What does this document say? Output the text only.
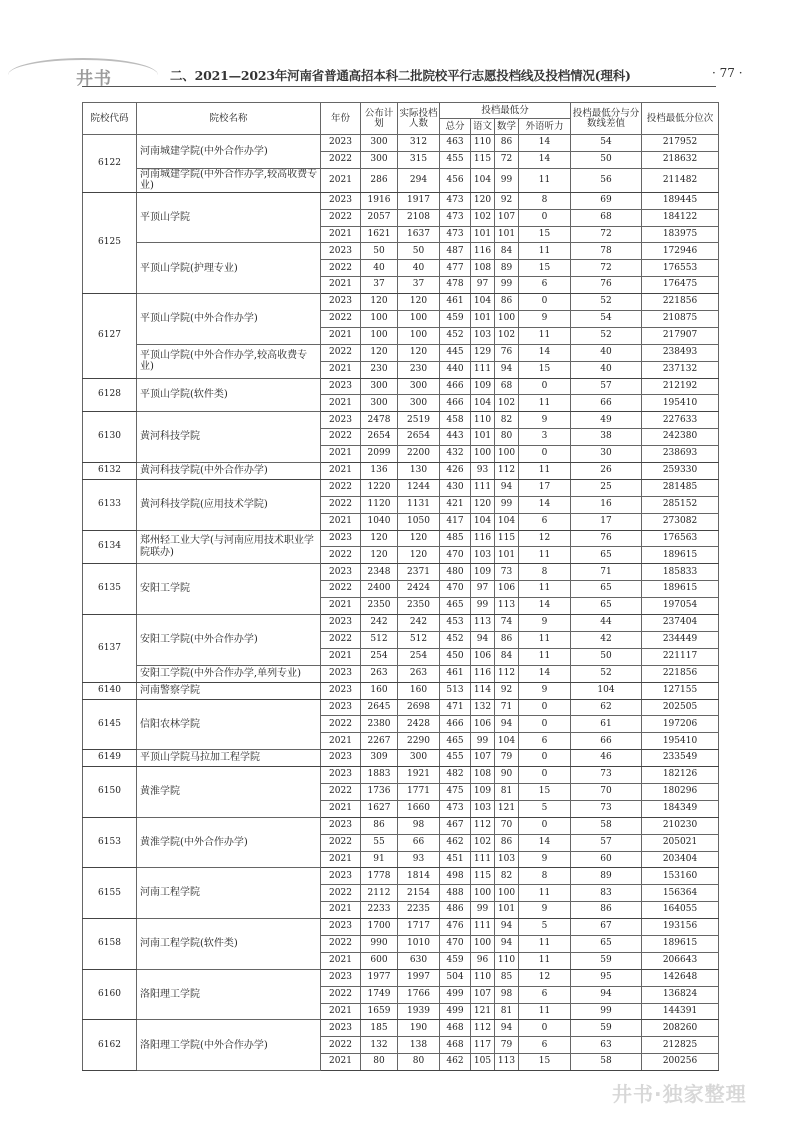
井书	二、2021—2023年河南省普通高招本科二批院校平行志愿投档线及投档情况(理科)	· 77 ·
院校代码	院校名称	年份	公布计划	实际投档人数	投档最低分				投档最低分与分数线差值	投档最低分位次
					总分	语文	数学	外语听力		
6122	河南城建学院(中外合作办学)	2023	300	312	463	110	86	14	54	217952
		2022	300	315	455	115	72	14	50	218632
	河南城建学院(中外合作办学,较高收费专业)	2021	286	294	456	104	99	11	56	211482
6125	平顶山学院	2023	1916	1917	473	120	92	8	69	189445
		2022	2057	2108	473	102	107	0	68	184122
		2021	1621	1637	473	101	101	15	72	183975
	平顶山学院(护理专业)	2023	50	50	487	116	84	11	78	172946
		2022	40	40	477	108	89	15	72	176553
		2021	37	37	478	97	99	6	76	176475
6127	平顶山学院(中外合作办学)	2023	120	120	461	104	86	0	52	221856
		2022	100	100	459	101	100	9	54	210875
		2021	100	100	452	103	102	11	52	217907
	平顶山学院(中外合作办学,较高收费专业)	2022	120	120	445	129	76	14	40	238493
		2021	230	230	440	111	94	15	40	237132
6128	平顶山学院(软件类)	2023	300	300	466	109	68	0	57	212192
		2021	300	300	466	104	102	11	66	195410
6130	黄河科技学院	2023	2478	2519	458	110	82	9	49	227633
		2022	2654	2654	443	101	80	3	38	242380
		2021	2099	2200	432	100	100	0	30	238693
6132	黄河科技学院(中外合作办学)	2021	136	130	426	93	112	11	26	259330
6133	黄河科技学院(应用技术学院)	2022	1220	1244	430	111	94	17	25	281485
		2022	1120	1131	421	120	99	14	16	285152
		2021	1040	1050	417	104	104	6	17	273082
6134	郑州轻工业大学(与河南应用技术职业学院联办)	2023	120	120	485	116	115	12	76	176563
		2022	120	120	470	103	101	11	65	189615
6135	安阳工学院	2023	2348	2371	480	109	73	8	71	185833
		2022	2400	2424	470	97	106	11	65	189615
		2021	2350	2350	465	99	113	14	65	197054
6137	安阳工学院(中外合作办学)	2023	242	242	453	113	74	9	44	237404
		2022	512	512	452	94	86	11	42	234449
		2021	254	254	450	106	84	11	50	221117
	安阳工学院(中外合作办学,单列专业)	2023	263	263	461	116	112	14	52	221856
6140	河南警察学院	2023	160	160	513	114	92	9	104	127155
6145	信阳农林学院	2023	2645	2698	471	132	71	0	62	202505
		2022	2380	2428	466	106	94	0	61	197206
		2021	2267	2290	465	99	104	6	66	195410
6149	平顶山学院马拉加工程学院	2023	309	300	455	107	79	0	46	233549
6150	黄淮学院	2023	1883	1921	482	108	90	0	73	182126
		2022	1736	1771	475	109	81	15	70	180296
		2021	1627	1660	473	103	121	5	73	184349
6153	黄淮学院(中外合作办学)	2023	86	98	467	112	70	0	58	210230
		2022	55	66	462	102	86	14	57	205021
		2021	91	93	451	111	103	9	60	203404
6155	河南工程学院	2023	1778	1814	498	115	82	8	89	153160
		2022	2112	2154	488	100	100	11	83	156364
		2021	2233	2235	486	99	101	9	86	164055
6158	河南工程学院(软件类)	2023	1700	1717	476	111	94	5	67	193156
		2022	990	1010	470	100	94	11	65	189615
		2021	600	630	459	96	110	11	59	206643
6160	洛阳理工学院	2023	1977	1997	504	110	85	12	95	142648
		2022	1749	1766	499	107	98	6	94	136824
		2021	1659	1939	499	121	81	11	99	144391
6162	洛阳理工学院(中外合作办学)	2023	185	190	468	112	94	0	59	208260
		2022	132	138	468	117	79	6	63	212825
		2021	80	80	462	105	113	15	58	200256
井书·独家整理
